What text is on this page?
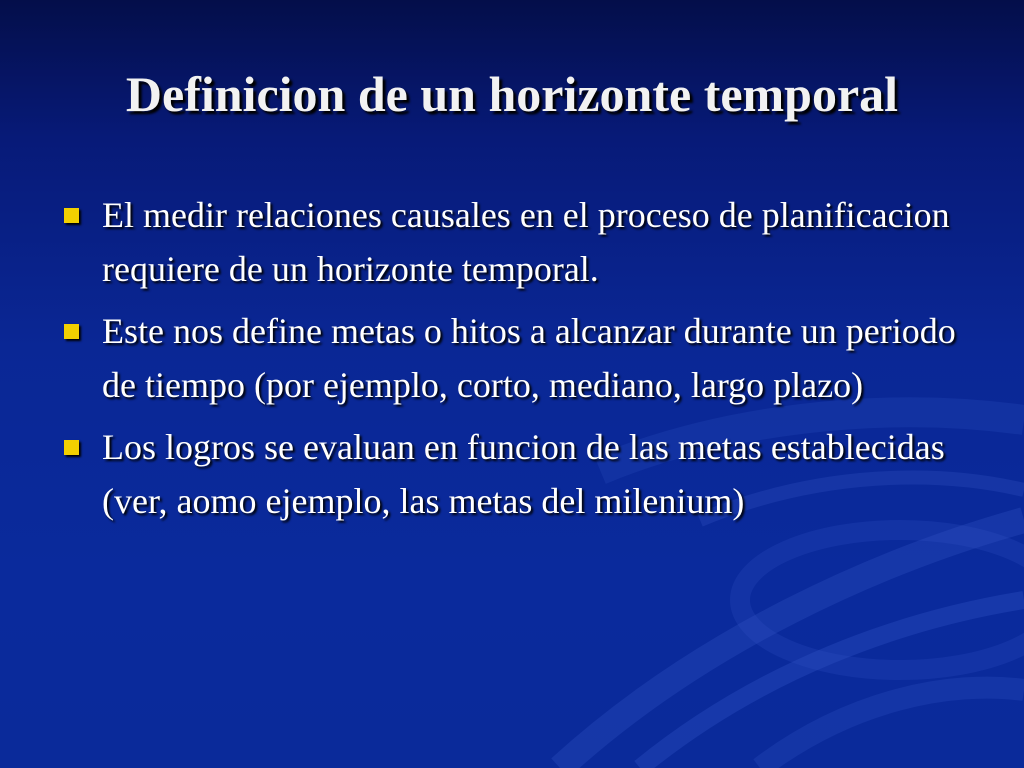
Definicion de un horizonte temporal
El medir relaciones causales en el proceso de planificacion requiere de un horizonte temporal.
Este nos define metas o hitos a alcanzar durante un periodo de tiempo (por ejemplo, corto, mediano, largo plazo)
Los logros se evaluan en funcion de las metas establecidas (ver, aomo ejemplo, las metas del milenium)
